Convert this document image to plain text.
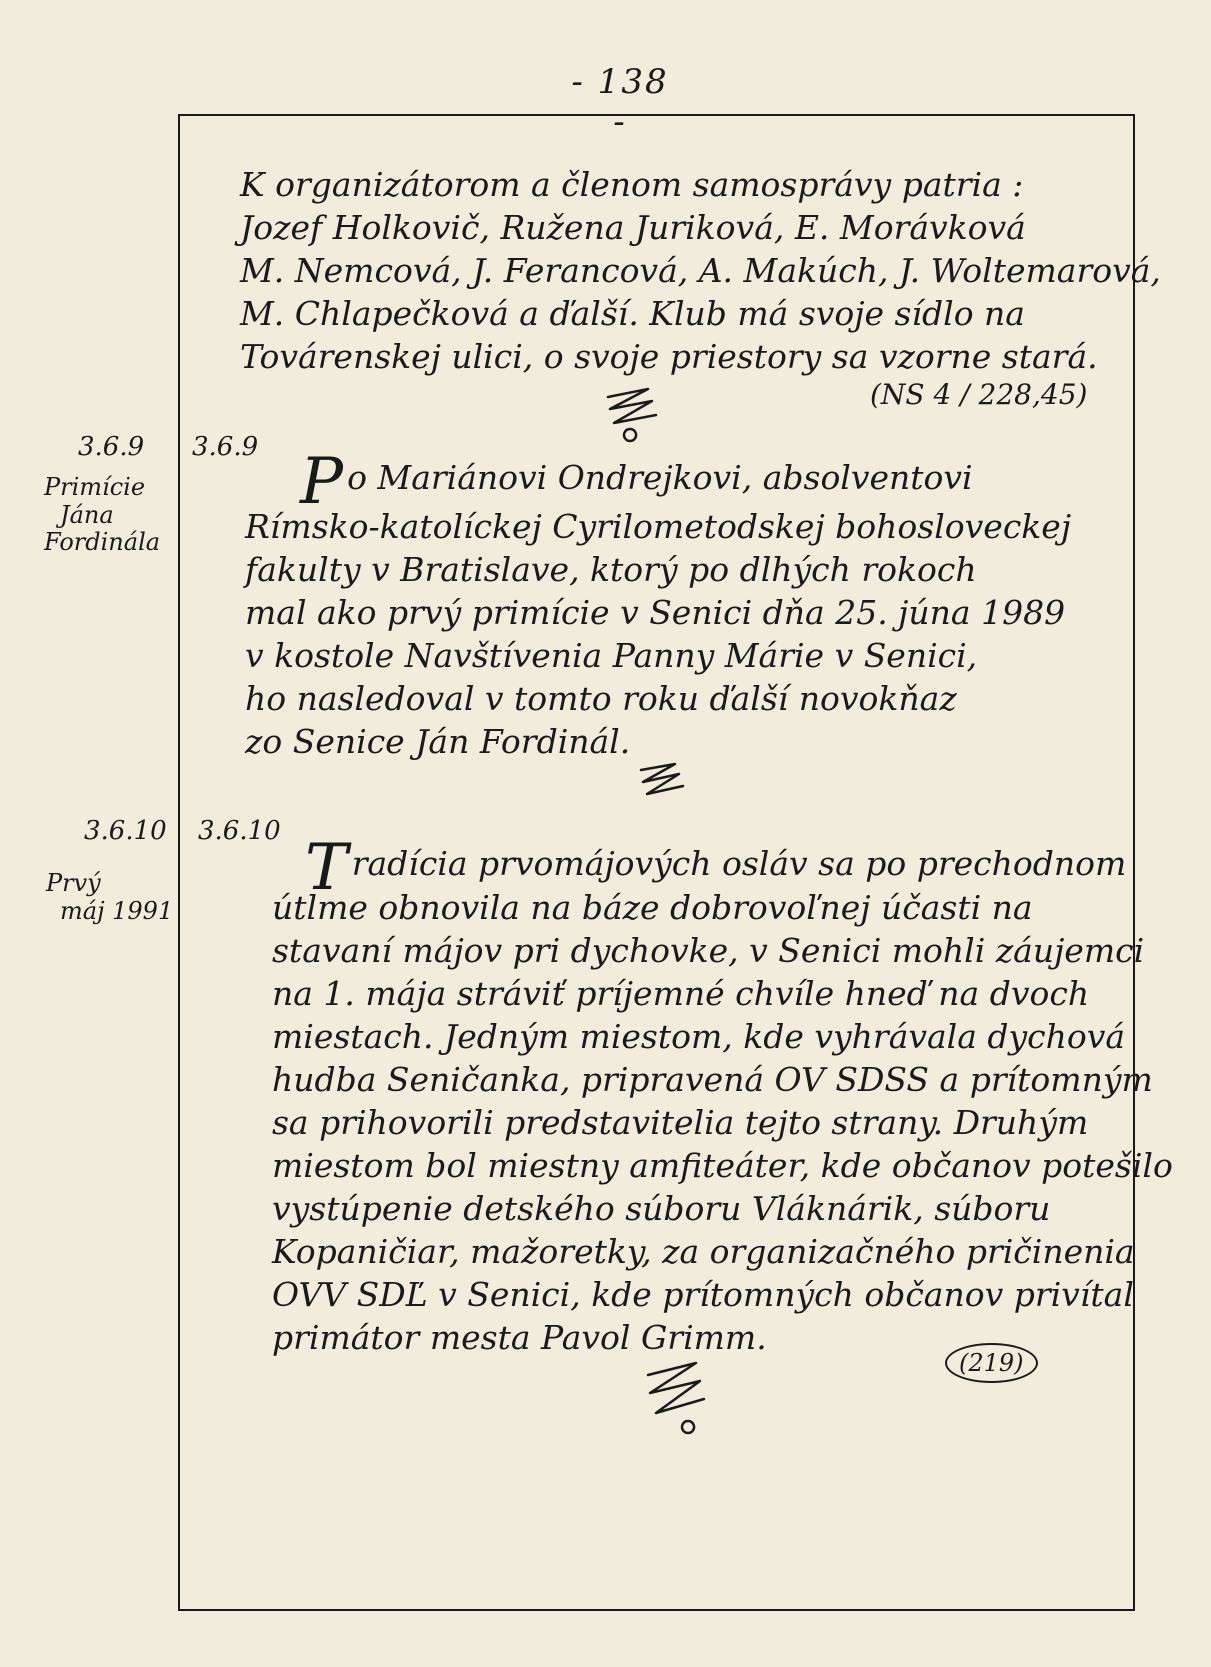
- 138 -
K organizátorom a členom samosprávy patria :
Jozef Holkovič, Ružena Juriková, E. Morávková
M. Nemcová, J. Ferancová, A. Makúch, J. Woltemarová,
M. Chlapečková a ďalší. Klub má svoje sídlo na
Továrenskej ulici, o svoje priestory sa vzorne stará.
(NS 4 / 228,45)
3.6.9
Primície
Jána
Fordinála
3.6.9 Po Mariánovi Ondrejkovi, absolventovi
Rímsko-katolíckej Cyrilometodskej bohosloveckej
fakulty v Bratislave, ktorý po dlhých rokoch
mal ako prvý primície v Senici dňa 25. júna 1989
v kostole Navštívenia Panny Márie v Senici,
ho nasledoval v tomto roku ďalší novokňaz
zo Senice Ján Fordinál.
3.6.10
Prvý
máj 1991
3.6.10 Tradícia prvomájových osláv sa po prechodnom
útlme obnovila na báze dobrovoľnej účasti na
stavaní májov pri dychovke, v Senici mohli záujemci
na 1. mája stráviť príjemné chvíle hneď na dvoch
miestach. Jedným miestom, kde vyhrávala dychová
hudba Seničanka, pripravená OV SDSS a prítomným
sa prihovorili predstavitelia tejto strany. Druhým
miestom bol miestny amfiteáter, kde občanov potešilo
vystúpenie detského súboru Vláknárik, súboru
Kopaničiar, mažoretky, za organizačného pričinenia
OVV SDĽ v Senici, kde prítomných občanov privítal
primátor mesta Pavol Grimm.
(219)
